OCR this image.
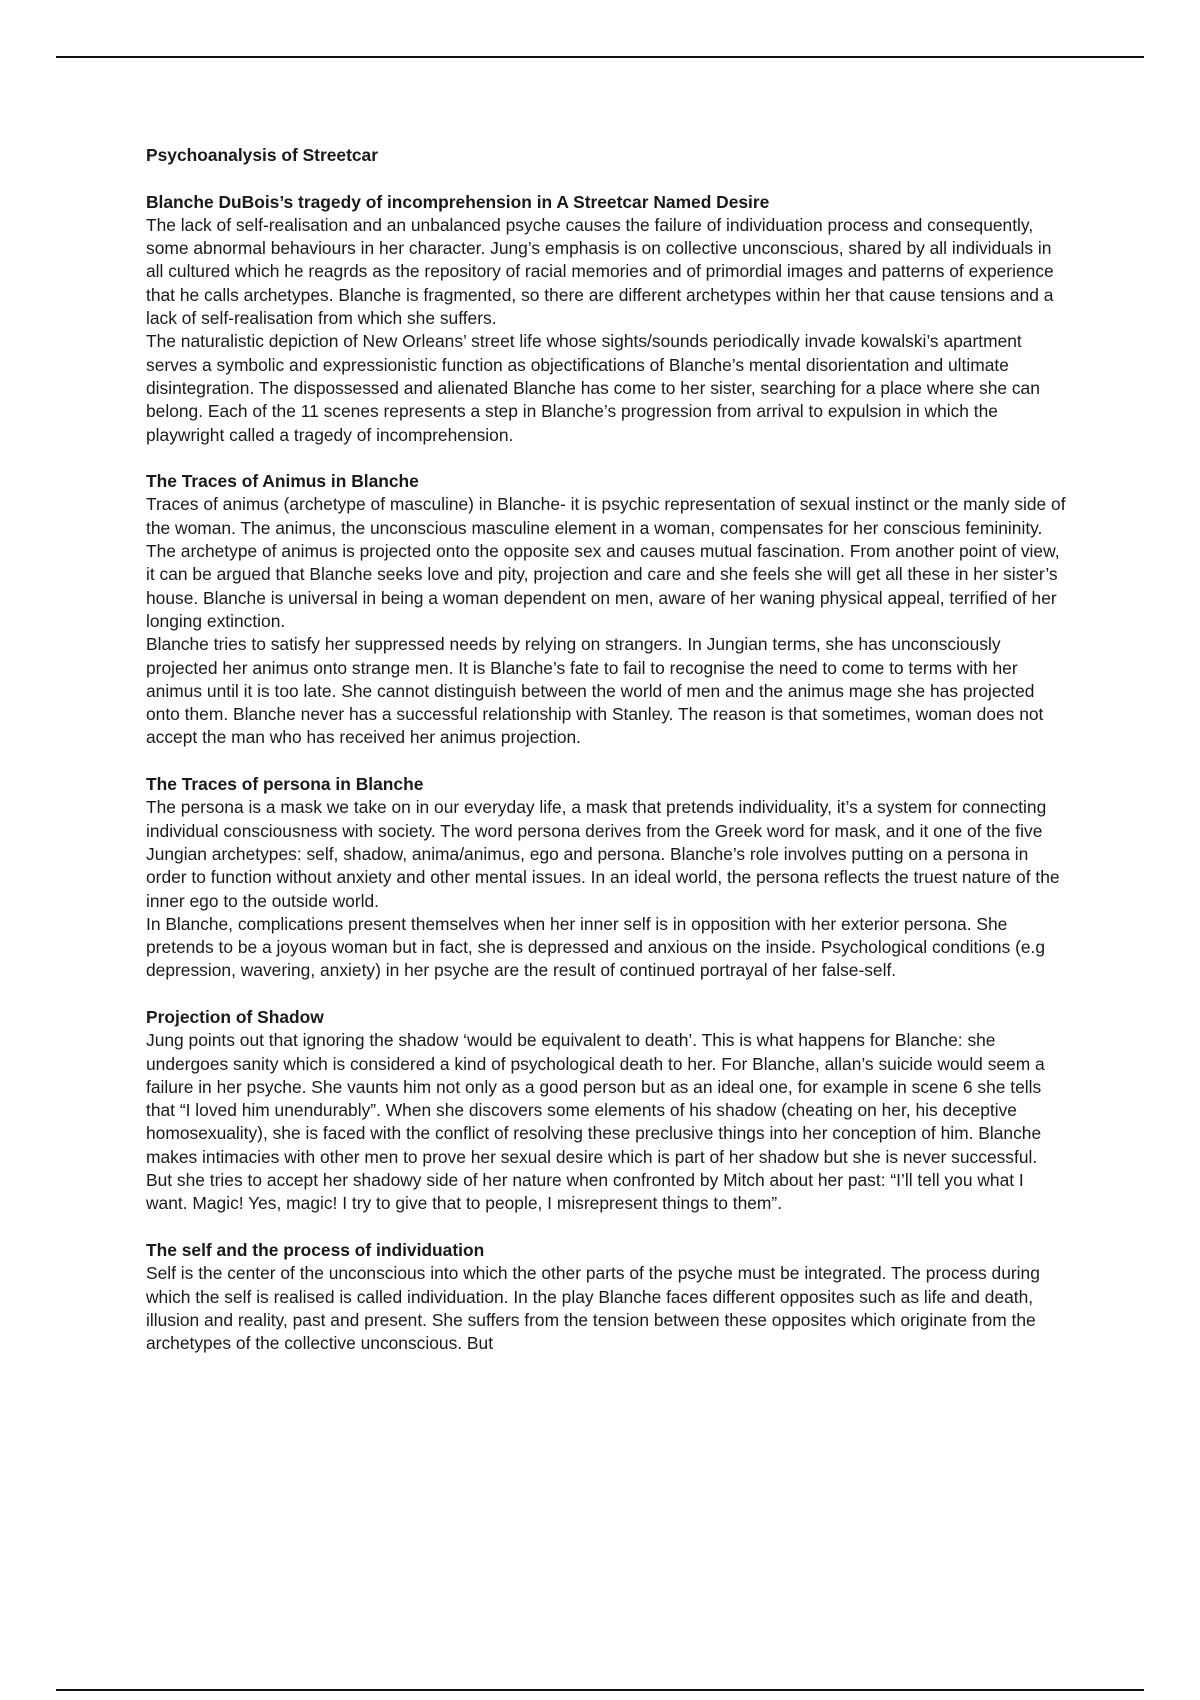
Psychoanalysis of Streetcar
Blanche DuBois’s tragedy of incomprehension in A Streetcar Named Desire

The lack of self-realisation and an unbalanced psyche causes the failure of individuation process and consequently, some abnormal behaviours in her character. Jung’s emphasis is on collective unconscious, shared by all individuals in all cultured which he reagrds as the repository of racial memories and of primordial images and patterns of experience that he calls archetypes. Blanche is fragmented, so there are different archetypes within her that cause tensions and a lack of self-realisation from which she suffers.

The naturalistic depiction of New Orleans’ street life whose sights/sounds periodically invade kowalski’s apartment serves a symbolic and expressionistic function as objectifications of Blanche’s mental disorientation and ultimate disintegration. The dispossessed and alienated Blanche has come to her sister, searching for a place where she can belong. Each of the 11 scenes represents a step in Blanche’s progression from arrival to expulsion in which the playwright called a tragedy of incomprehension.

The Traces of Animus in Blanche

Traces of animus (archetype of masculine) in Blanche- it is psychic representation of sexual instinct or the manly side of the woman. The animus, the unconscious masculine element in a woman, compensates for her conscious femininity. The archetype of animus is projected onto the opposite sex and causes mutual fascination. From another point of view, it can be argued that Blanche seeks love and pity, projection and care and she feels she will get all these in her sister’s house. Blanche is universal in being a woman dependent on men, aware of her waning physical appeal, terrified of her longing extinction.

Blanche tries to satisfy her suppressed needs by relying on strangers. In Jungian terms, she has unconsciously projected her animus onto strange men. It is Blanche’s fate to fail to recognise the need to come to terms with her animus until it is too late. She cannot distinguish between the world of men and the animus mage she has projected onto them. Blanche never has a successful relationship with Stanley. The reason is that sometimes, woman does not accept the man who has received her animus projection.

The Traces of persona in Blanche

The persona is a mask we take on in our everyday life, a mask that pretends individuality, it’s a system for connecting individual consciousness with society. The word persona derives from the Greek word for mask, and it one of the five Jungian archetypes: self, shadow, anima/animus, ego and persona. Blanche’s role involves putting on a persona in order to function without anxiety and other mental issues. In an ideal world, the persona reflects the truest nature of the inner ego to the outside world.

In Blanche, complications present themselves when her inner self is in opposition with her exterior persona. She pretends to be a joyous woman but in fact, she is depressed and anxious on the inside. Psychological conditions (e.g depression, wavering, anxiety) in her psyche are the result of continued portrayal of her false-self.

Projection of Shadow

Jung points out that ignoring the shadow ‘would be equivalent to death’. This is what happens for Blanche: she undergoes sanity which is considered a kind of psychological death to her. For Blanche, allan’s suicide would seem a failure in her psyche. She vaunts him not only as a good person but as an ideal one, for example in scene 6 she tells that “I loved him unendurably”. When she discovers some elements of his shadow (cheating on her, his deceptive homosexuality), she is faced with the conflict of resolving these preclusive things into her conception of him. Blanche makes intimacies with other men to prove her sexual desire which is part of her shadow but she is never successful. But she tries to accept her shadowy side of her nature when confronted by Mitch about her past: “I’ll tell you what I want. Magic! Yes, magic! I try to give that to people, I misrepresent things to them”.

The self and the process of individuation

Self is the center of the unconscious into which the other parts of the psyche must be integrated. The process during which the self is realised is called individuation. In the play Blanche faces different opposites such as life and death, illusion and reality, past and present. She suffers from the tension between these opposites which originate from the archetypes of the collective unconscious. But
